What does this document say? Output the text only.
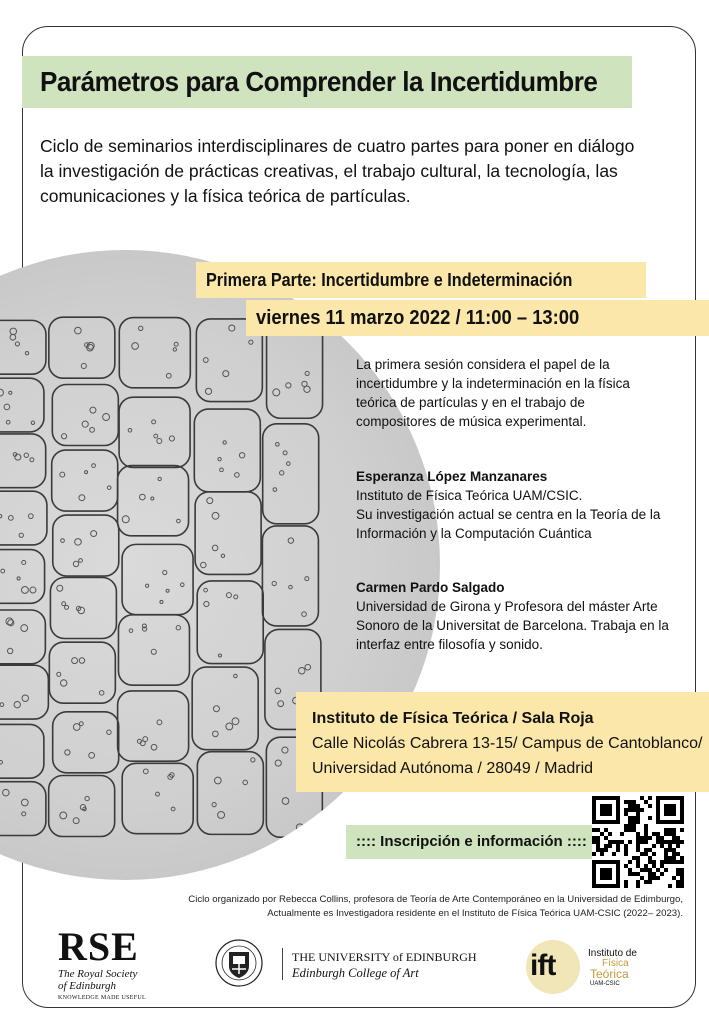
Parámetros para Comprender la Incertidumbre
Ciclo de seminarios interdisciplinares de cuatro partes para poner en diálogo
la investigación de prácticas creativas, el trabajo cultural, la tecnología, las
comunicaciones y la física teórica de partículas.
Primera Parte: Incertidumbre e Indeterminación
viernes 11 marzo 2022 / 11:00 – 13:00
La primera sesión considera el papel de la
incertidumbre y la indeterminación en la física
teórica de partículas y en el trabajo de
compositores de música experimental.
Esperanza López Manzanares
Instituto de Física Teórica UAM/CSIC.
Su investigación actual se centra en la Teoría de la
Información y la Computación Cuántica
Carmen Pardo Salgado
Universidad de Girona y Profesora del máster Arte
Sonoro de la Universitat de Barcelona. Trabaja en la
interfaz entre filosofía y sonido.
Instituto de Física Teórica / Sala Roja
Calle Nicolás Cabrera 13-15/ Campus de Cantoblanco/
Universidad Autónoma / 28049 / Madrid
:::: Inscripción e información ::::
Ciclo organizado por Rebecca Collins, profesora de Teoría de Arte Contemporáneo en la Universidad de Edimburgo,
Actualmente es Investigadora residente en el Instituto de Física Teórica UAM-CSIC (2022– 2023).
RSE
The Royal Society
of Edinburgh
KNOWLEDGE MADE USEFUL
THE UNIVERSITY of EDINBURGH
Edinburgh College of Art	ift	Instituto de
Física
Teórica
UAM-CSIC
